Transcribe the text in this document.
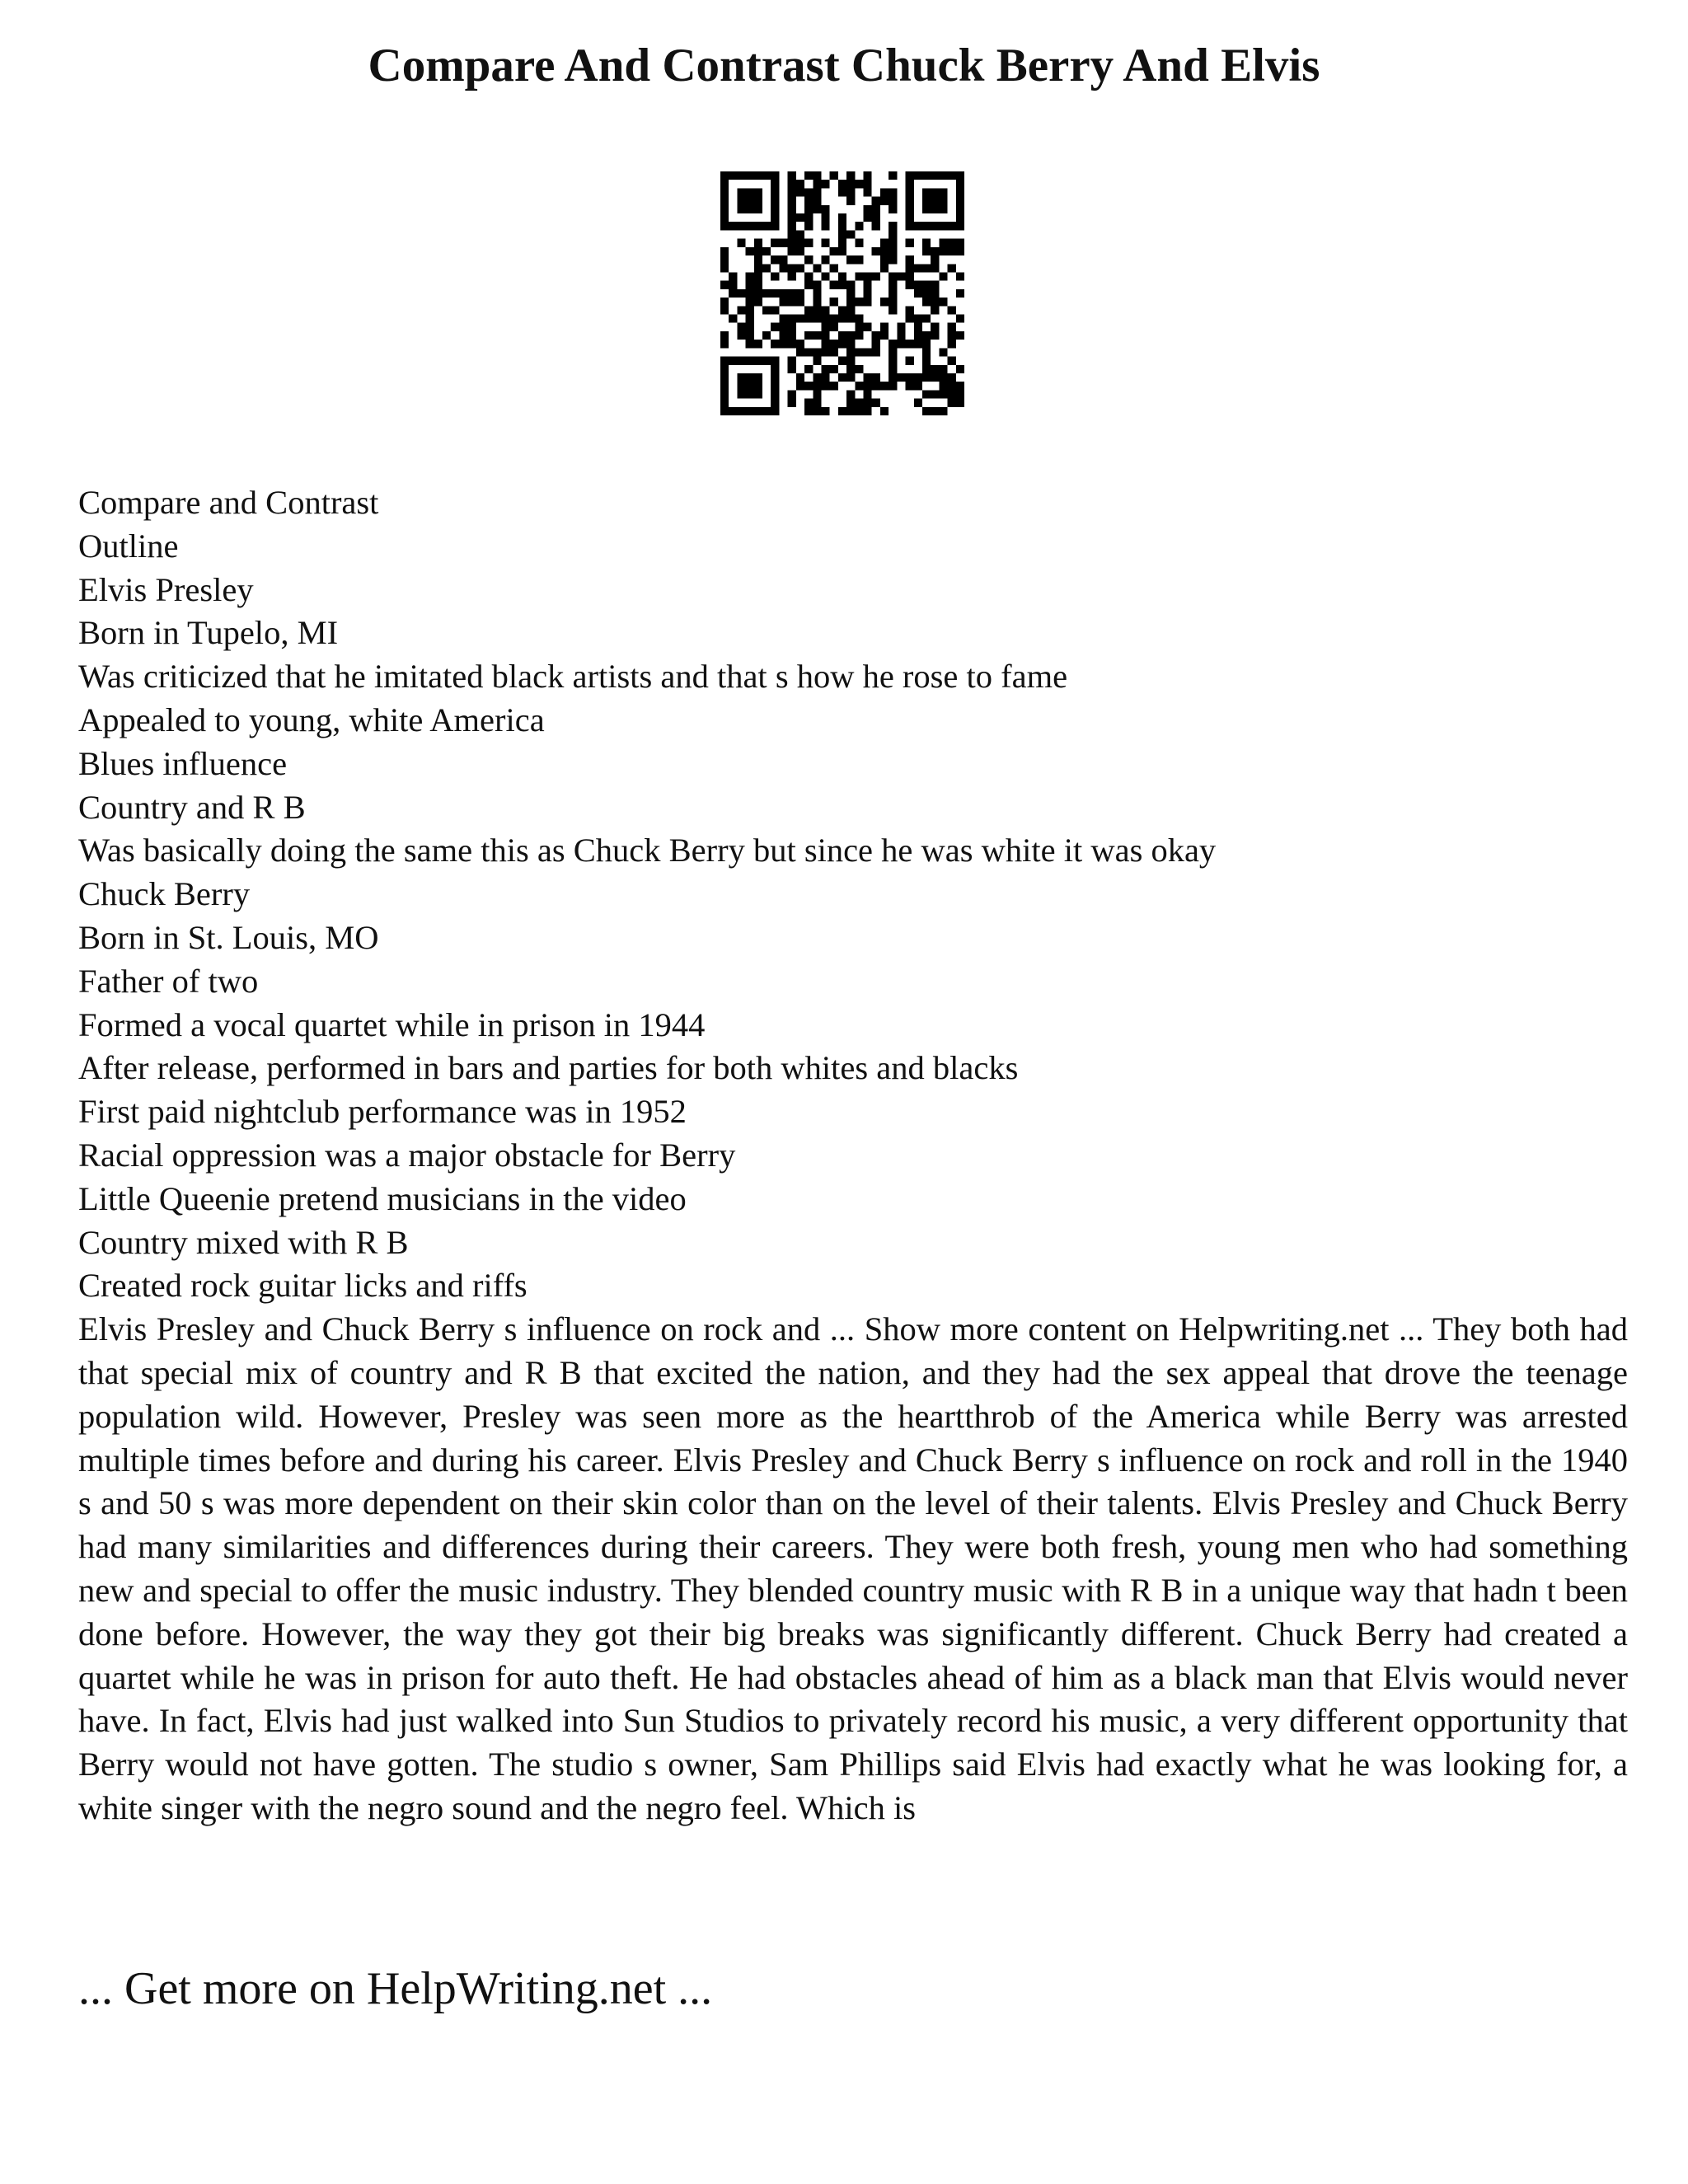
Compare And Contrast Chuck Berry And Elvis
Compare and Contrast
Outline
Elvis Presley
Born in Tupelo, MI
Was criticized that he imitated black artists and that s how he rose to fame
Appealed to young, white America
Blues influence
Country and R B
Was basically doing the same this as Chuck Berry but since he was white it was okay
Chuck Berry
Born in St. Louis, MO
Father of two
Formed a vocal quartet while in prison in 1944
After release, performed in bars and parties for both whites and blacks
First paid nightclub performance was in 1952
Racial oppression was a major obstacle for Berry
Little Queenie pretend musicians in the video
Country mixed with R B
Created rock guitar licks and riffs
Elvis Presley and Chuck Berry s influence on rock and ... Show more content on Helpwriting.net ... They both had that special mix of country and R B that excited the nation, and they had the sex appeal that drove the teenage population wild. However, Presley was seen more as the heartthrob of the America while Berry was arrested multiple times before and during his career. Elvis Presley and Chuck Berry s influence on rock and roll in the 1940 s and 50 s was more dependent on their skin color than on the level of their talents. Elvis Presley and Chuck Berry had many similarities and differences during their careers. They were both fresh, young men who had something new and special to offer the music industry. They blended country music with R B in a unique way that hadn t been done before. However, the way they got their big breaks was significantly different. Chuck Berry had created a quartet while he was in prison for auto theft. He had obstacles ahead of him as a black man that Elvis would never have. In fact, Elvis had just walked into Sun Studios to privately record his music, a very different opportunity that Berry would not have gotten. The studio s owner, Sam Phillips said Elvis had exactly what he was looking for, a white singer with the negro sound and the negro feel. Which is
... Get more on HelpWriting.net ...
